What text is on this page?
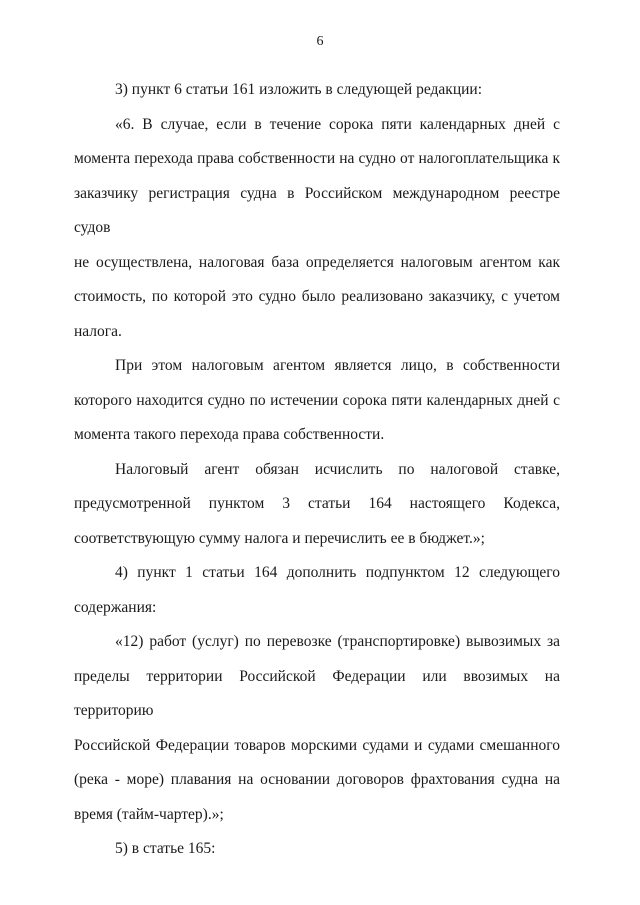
6
3) пункт 6 статьи 161 изложить в следующей редакции:
«6. В случае, если в течение сорока пяти календарных дней с
момента перехода права собственности на судно от налогоплательщика к
заказчику регистрация судна в Российском международном реестре судов
не осуществлена, налоговая база определяется налоговым агентом как
стоимость, по которой это судно было реализовано заказчику, с учетом
налога.
При этом налоговым агентом является лицо, в собственности
которого находится судно по истечении сорока пяти календарных дней с
момента такого перехода права собственности.
Налоговый агент обязан исчислить по налоговой ставке,
предусмотренной пунктом 3 статьи 164 настоящего Кодекса,
соответствующую сумму налога и перечислить ее в бюджет.»;
4) пункт 1 статьи 164 дополнить подпунктом 12 следующего
содержания:
«12) работ (услуг) по перевозке (транспортировке) вывозимых за
пределы территории Российской Федерации или ввозимых на территорию
Российской Федерации товаров морскими судами и судами смешанного
(река - море) плавания на основании договоров фрахтования судна на
время (тайм-чартер).»;
5) в статье 165:
